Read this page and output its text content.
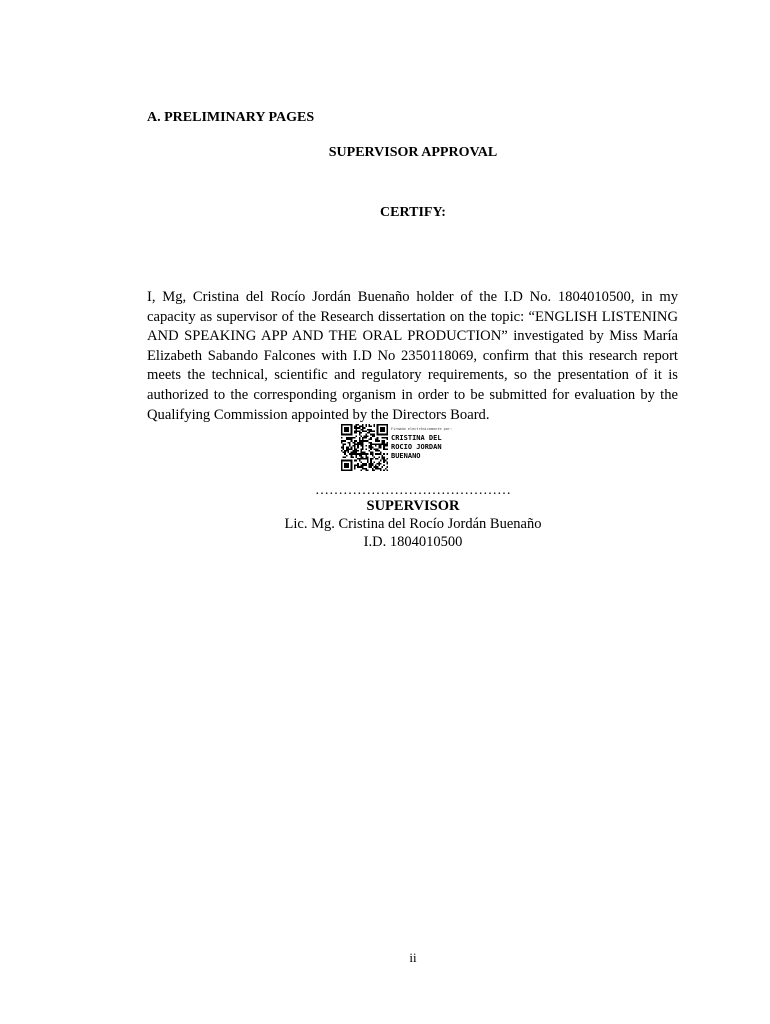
A. PRELIMINARY PAGES
SUPERVISOR APPROVAL
CERTIFY:

I, Mg, Cristina del Rocío Jordán Buenaño holder of the I.D No. 1804010500, in my capacity as supervisor of the Research dissertation on the topic: “ENGLISH LISTENING AND SPEAKING APP AND THE ORAL PRODUCTION” investigated by Miss María Elizabeth Sabando Falcones with I.D No 2350118069, confirm that this research report meets the technical, scientific and regulatory requirements, so the presentation of it is authorized to the corresponding organism in order to be submitted for evaluation by the Qualifying Commission appointed by the Directors Board.

Firmado electrónicamente por:

CRISTINA DEL
ROCIO JORDAN
BUENANO

……………………………………
SUPERVISOR
Lic. Mg. Cristina del Rocío Jordán Buenaño
I.D. 1804010500
ii
